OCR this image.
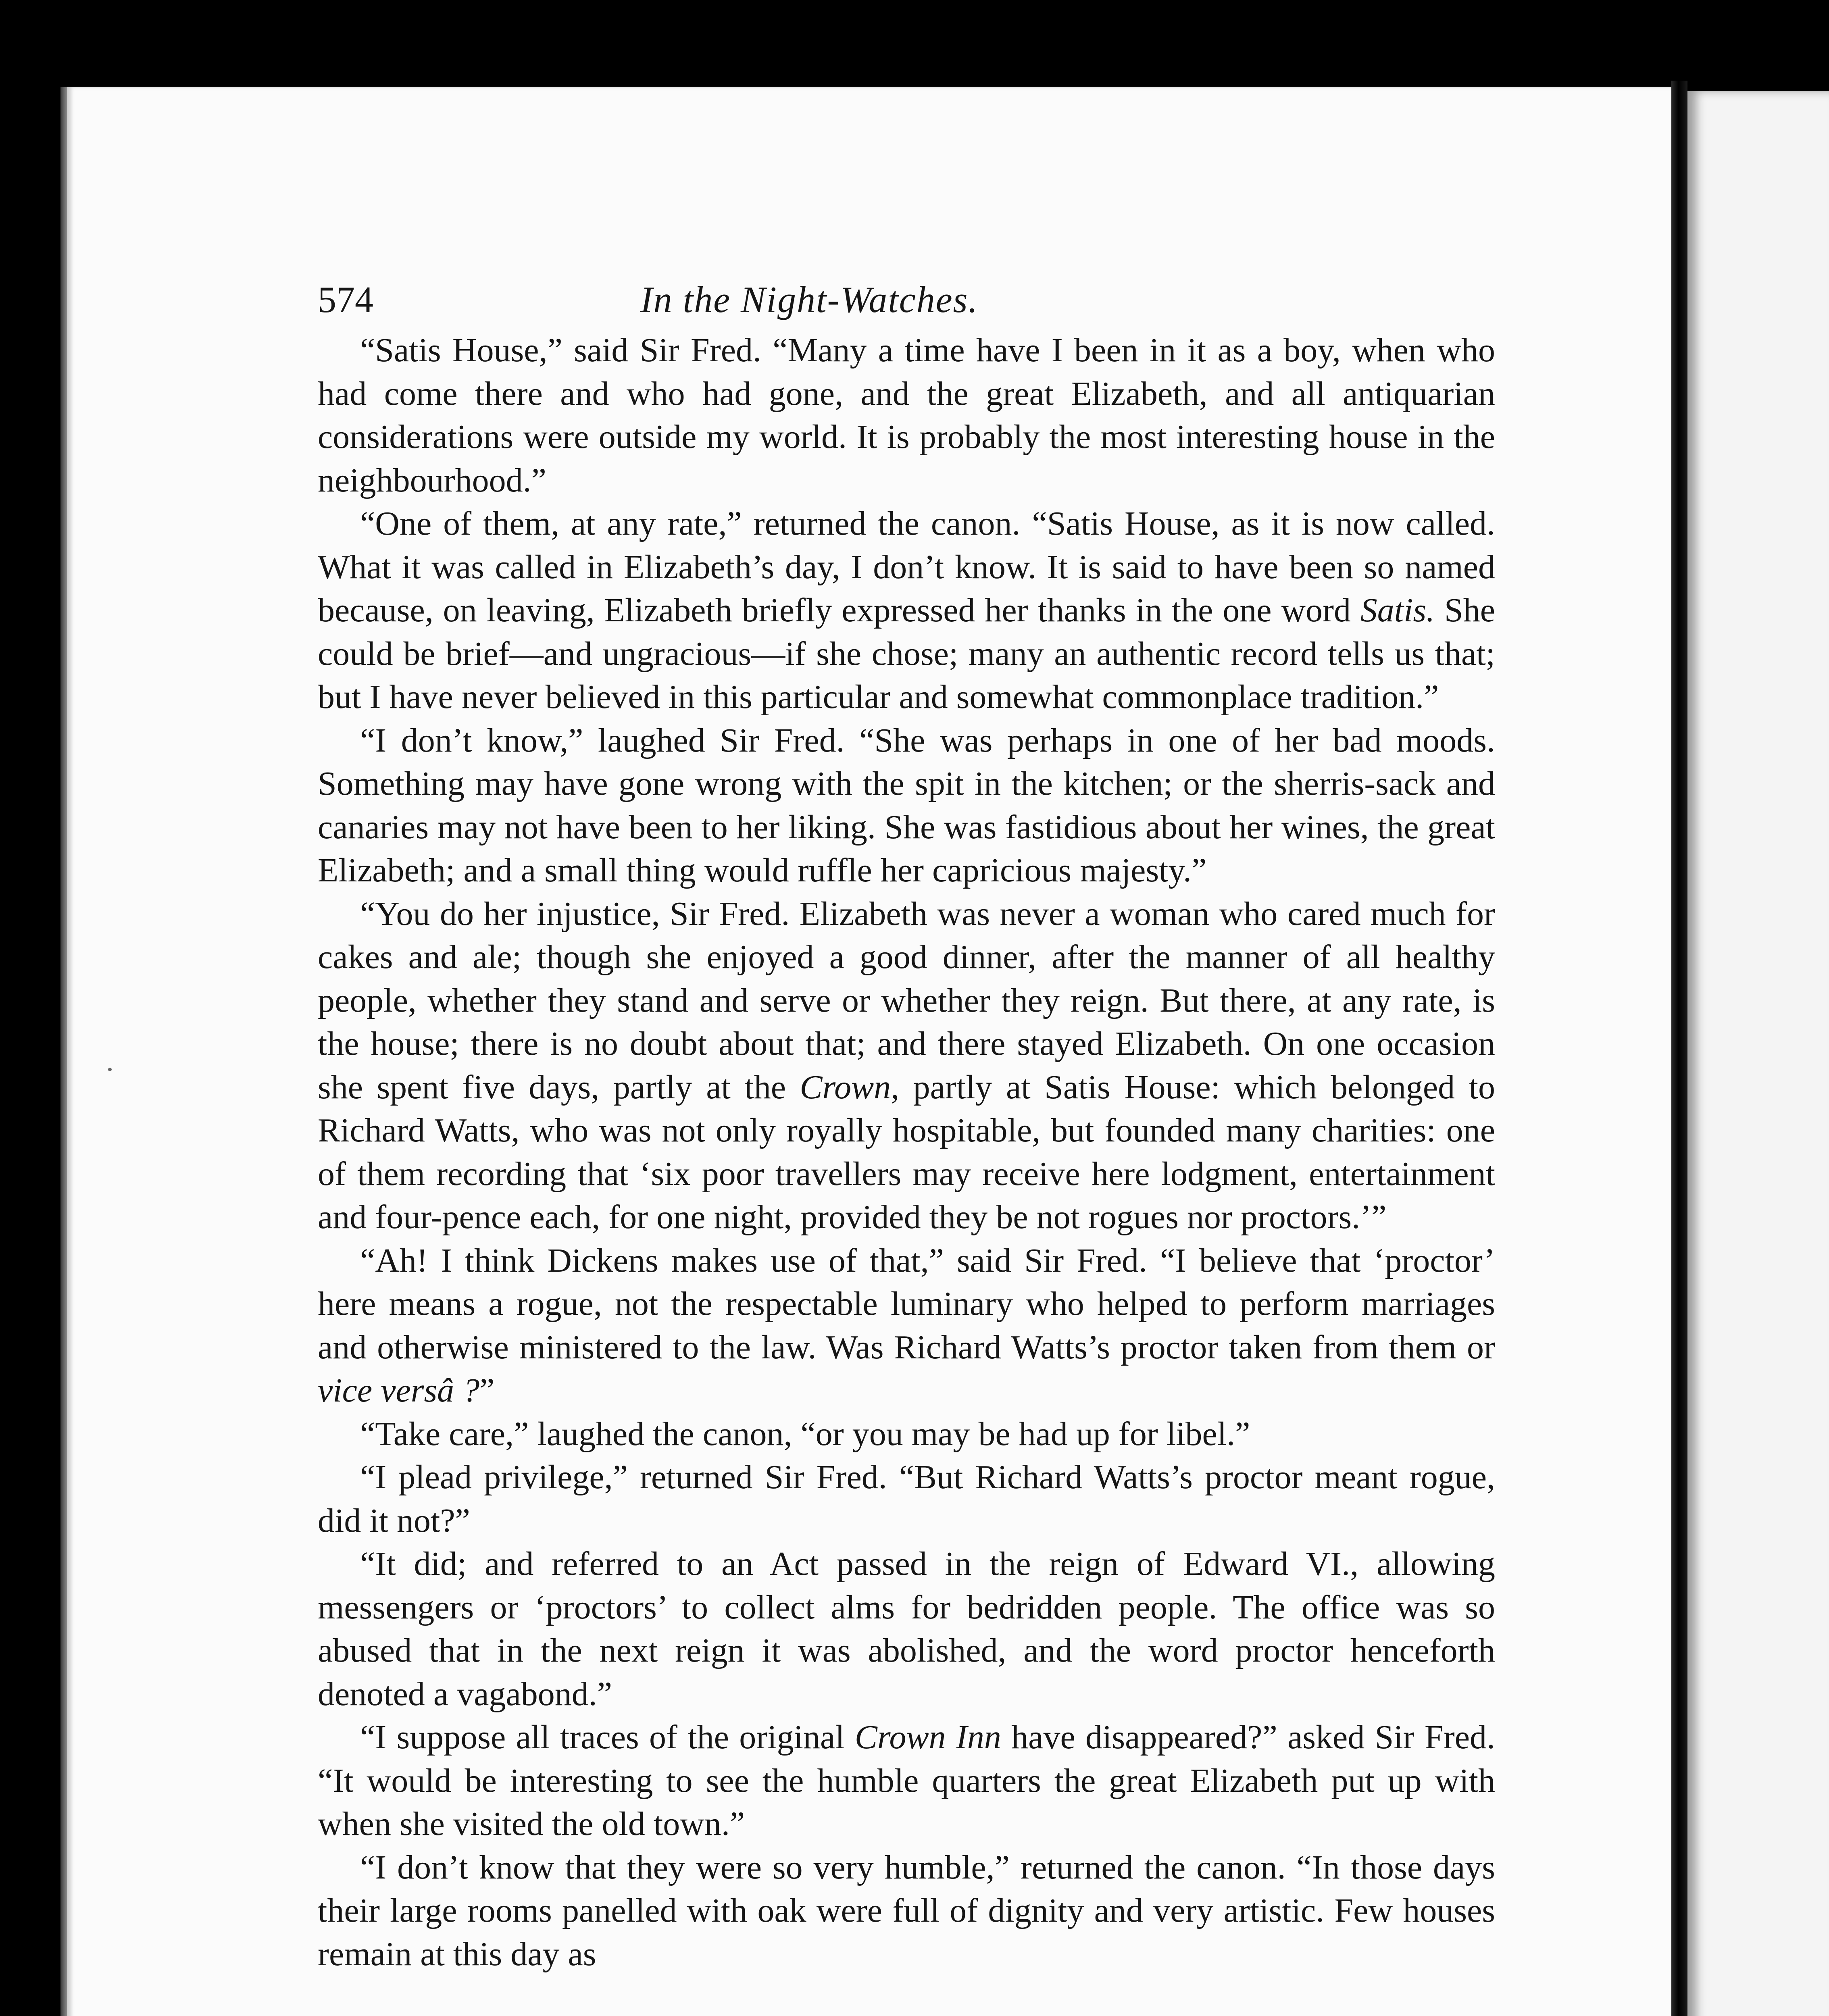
574	In the Night-Watches.

“Satis House,” said Sir Fred. “Many a time have I been in it as a boy, when who had come there and who had gone, and the great Elizabeth, and all antiquarian considerations were outside my world. It is probably the most interesting house in the neighbourhood.”

“One of them, at any rate,” returned the canon. “Satis House, as it is now called. What it was called in Elizabeth’s day, I don’t know. It is said to have been so named because, on leaving, Elizabeth briefly expressed her thanks in the one word Satis. She could be brief—and ungracious—if she chose; many an authentic record tells us that; but I have never believed in this particular and somewhat commonplace tradition.”

“I don’t know,” laughed Sir Fred. “She was perhaps in one of her bad moods. Something may have gone wrong with the spit in the kitchen; or the sherris-sack and canaries may not have been to her liking. She was fastidious about her wines, the great Elizabeth; and a small thing would ruffle her capricious majesty.”

“You do her injustice, Sir Fred. Elizabeth was never a woman who cared much for cakes and ale; though she enjoyed a good dinner, after the manner of all healthy people, whether they stand and serve or whether they reign. But there, at any rate, is the house; there is no doubt about that; and there stayed Elizabeth. On one occasion she spent five days, partly at the Crown, partly at Satis House: which belonged to Richard Watts, who was not only royally hospitable, but founded many charities: one of them recording that ‘six poor travellers may receive here lodgment, entertainment and four-pence each, for one night, provided they be not rogues nor proctors.’”

“Ah! I think Dickens makes use of that,” said Sir Fred. “I believe that ‘proctor’ here means a rogue, not the respectable luminary who helped to perform marriages and otherwise ministered to the law. Was Richard Watts’s proctor taken from them or vice versâ ?”

“Take care,” laughed the canon, “or you may be had up for libel.”

“I plead privilege,” returned Sir Fred. “But Richard Watts’s proctor meant rogue, did it not?”

“It did; and referred to an Act passed in the reign of Edward VI., allowing messengers or ‘proctors’ to collect alms for bedridden people. The office was so abused that in the next reign it was abolished, and the word proctor henceforth denoted a vagabond.”

“I suppose all traces of the original Crown Inn have disappeared?” asked Sir Fred. “It would be interesting to see the humble quarters the great Elizabeth put up with when she visited the old town.”

“I don’t know that they were so very humble,” returned the canon. “In those days their large rooms panelled with oak were full of dignity and very artistic. Few houses remain at this day as
